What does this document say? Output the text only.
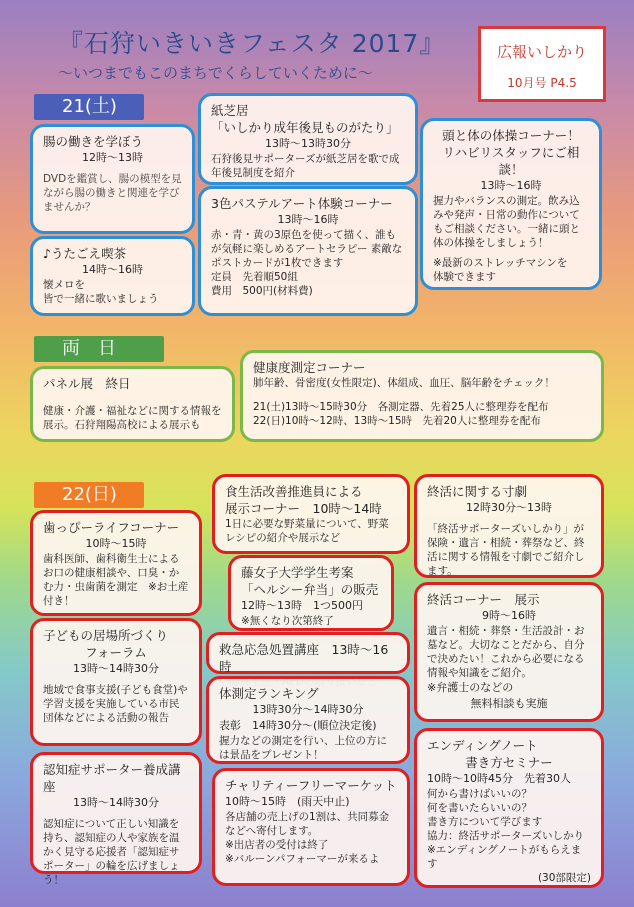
『石狩いきいきフェスタ 2017』
～いつまでもこのまちでくらしていくために～
広報いしかり
10月号 P4.5
21(土)
腸の働きを学ぼう
12時～13時
DVDを鑑賞し、腸の模型を見ながら腸の働きと関連を学びませんか？
♪うたごえ喫茶
14時～16時
懐メロを
皆で一緒に歌いましょう
紙芝居
「いしかり成年後見ものがたり」
13時～13時30分
石狩後見サポーターズが紙芝居を歌で成年後見制度を紹介
3色パステルアート体験コーナー
13時～16時
赤・青・黄の3原色を使って描く、誰もが気軽に楽しめるアートセラピー 素敵なポストカードが1枚できます
定員　先着順50組
費用　500円(材料費)
頭と体の体操コーナー！
リハビリスタッフにご相談！
13時～16時
握力やバランスの測定。飲み込みや発声・日常の動作についてもご相談ください。一緒に頭と体の体操をしましょう！
※最新のストレッチマシンを
体験できます
両　日
パネル展　終日
健康・介護・福祉などに関する情報を展示。石狩翔陽高校による展示も
健康度測定コーナー
肺年齢、骨密度(女性限定)、体組成、血圧、脳年齢をチェック！
21(土)13時～15時30分　各測定器、先着25人に整理券を配布
22(日)10時～12時、13時～15時　先着20人に整理券を配布
22(日)
歯っぴーライフコーナー
10時～15時
歯科医師、歯科衛生士によるお口の健康相談や、口臭・かむ力・虫歯菌を測定　※お土産付き！
子どもの居場所づくり
フォーラム
13時～14時30分
地域で食事支援(子ども食堂)や学習支援を実施している市民団体などによる活動の報告
認知症サポーター養成講座
13時～14時30分
認知症について正しい知識を持ち、認知症の人や家族を温かく見守る応援者「認知症サポーター」の輪を広げましょう！
食生活改善推進員による
展示コーナー　10時～14時
1日に必要な野菜量について、野菜レシピの紹介や展示など
藤女子大学学生考案
「ヘルシー弁当」の販売
12時～13時　1つ500円
※無くなり次第終了
救急応急処置講座　13時～16時
体測定ランキング
13時30分～14時30分
表彰　14時30分～(順位決定後)
握力などの測定を行い、上位の方には景品をプレゼント！
チャリティーフリーマーケット
10時～15時　(雨天中止)
各店舗の売上げの1割は、共同募金などへ寄付します。
※出店者の受付は終了
※バルーンパフォーマーが来るよ
終活に関する寸劇
12時30分～13時
「終活サポーターズいしかり」が保険・遺言・相続・葬祭など、終活に関する情報を寸劇でご紹介します。
終活コーナー　展示
9時～16時
遺言・相続・葬祭・生活設計・お墓など。大切なことだから、自分で決めたい！これから必要になる情報や知識をご紹介。
※弁護士のなどの
無料相談も実施
エンディングノート
書き方セミナー
10時～10時45分　先着30人
何から書けばいいの？
何を書いたらいいの？
書き方について学びます
協力：終活サポーターズいしかり
※エンディングノートがもらえます
(30部限定)
